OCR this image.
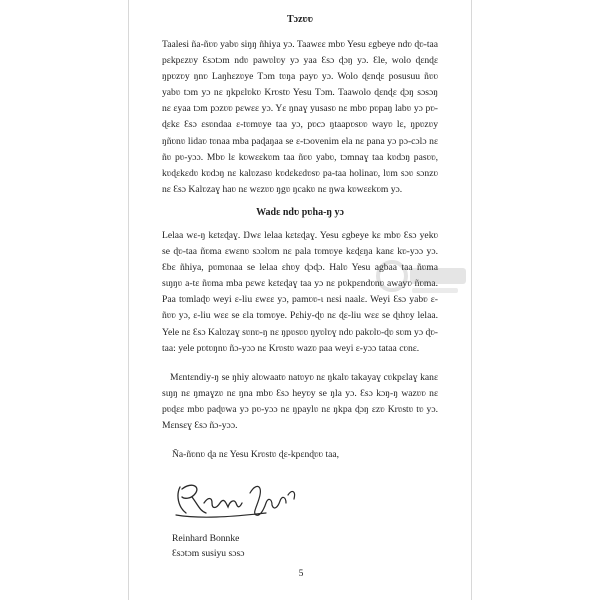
Tɔzʋʋ

Taalesi ña-ñʋʋ yabʋ siŋŋ ñhiya yɔ. Taawɛɛ mbʋ Yesu ɛgbeye ndʋ ɖʋ-taa pɛkpɛzʋy Ɛsɔtɔm ndʋ pawʋlʋy yɔ yaa Ɛsɔ ɖɔŋ yɔ. Ɛle, wolo ɖɛnɖɛ ŋpʋzʋy ŋnʋ Laŋhɛzʋye Tɔm tʋŋa payʋ yɔ. Wolo ɖɛnɖɛ posusuu ñʋʋ yabʋ tɔm yɔ nɛ ŋkpɛlʋkʋ Krʋstʋ Yesu Tɔm. Taawolo ɖɛnɖɛ ɖɔŋ sɔsɔŋ nɛ ɛyaa tɔm pɔzʋʋ pɛwɛɛ yɔ. Yɛ ŋnaɣ yusasʋ nɛ mbʋ pʋpaŋ labʋ yɔ pʋ-ɖɛkɛ Ɛsɔ ɛsʋndaa ɛ-tʋmʋye taa yɔ, pʋcɔ ŋtaapʋsʋʋ wayʋ lɛ, ŋpʋzʋy ŋñʋnʋ lidaʋ tʋnaa mba paɖaŋaa se ɛ-tɔovenim ela nɛ pana yɔ pɔ-cɔlɔ nɛ ñʋ pʋ-yɔɔ. Mbʋ lɛ kʋwɛɛkʋm taa ñʋʋ yabʋ, tɔmnaɣ taa kʋdɔŋ pasʋʋ, kʋɖɛkɛdʋ kʋdɔŋ nɛ kalʋzasʋ kʋdɛkɛdʋsʋ pa-taa holinaʋ, lʋm sɔʋ sɔnzʋ nɛ Ɛsɔ Kalʋzaɣ haʋ nɛ wɛzʋʋ ŋgʋ ŋcakʋ nɛ ŋwa kʋwɛɛkʋm yɔ.

Wadɛ ndʋ pʋha-ŋ yɔ

Lelaa wɛ-ŋ kɛtɛɖaɣ. Ŋwɛ lelaa kɛtɛɖaɣ. Yesu ɛgbeye kɛ mbʋ Ɛsɔ yekʋ se ɖʋ-taa ñʋma ɛwɛnʋ sɔɔlʋm nɛ pala tʋmʋye kɛɖɛŋa kanɛ kʋ-yɔɔ yɔ. Ɛbɛ ñhiya, pʋmʋnaa se lelaa ɛhʋy ɖɔɖɔ. Halʋ Yesu agbaa taa ñʋma sɩŋŋʋ a-tɛ ñʋma mba pɛwɛ kɛtɛɖaɣ taa yɔ nɛ pʋkpɛndʋnʋ awayʋ ñʋma. Paa tʋmlaɖʋ weyi ɛ-liu ɛwɛɛ yɔ, pamʋʋ-ɩ nɛsi naalɛ. Weyi Ɛsɔ yabʋ ɛ-ñʋʋ yɔ, ɛ-liu wɛɛ se ɛla tʋmʋye. Pɛhiy-ɖʋ nɛ ɖɛ-liu wɛɛ se ɖɩhʋy lelaa. Yele nɛ Ɛsɔ Kalʋzaɣ sʋnʋ-ŋ nɛ ŋpʋsʋʋ ŋyʋlʋɣ ndʋ pakʋlʋ-ɖʋ sʋm yɔ ɖʋ-taa: yele pʋtʋŋnʋ ñɔ-yɔɔ nɛ Krʋstʋ wazʋ paa weyi ɛ-yɔɔ tataa cʋnɛ.

Mɛntɛndiy-ŋ se ŋhiy alʋwaatʋ natʋyʋ nɛ ŋkalʋ takayaɣ cʋkpɛlaɣ kanɛ sɩŋŋ nɛ ŋmaɣzʋ nɛ ŋna mbʋ Ɛsɔ heyʋy se ŋla yɔ. Ɛsɔ kɔŋ-ŋ wazʋʋ nɛ pʋɖɛɛ mbʋ paɖʋwa yɔ pʋ-yɔɔ nɛ ŋpaylʋ nɛ ŋkpa ɖɔŋ ɛzʋ Krʋstʋ tʋ yɔ. Mɛnsɛɣ Ɛsɔ ñɔ-yɔɔ.

Ña-ñʋnʋ ɖa nɛ Yesu Krʋstʋ ɖɛ-kpɛnɖʋʋ taa,

Reinhard Bonnke

Ɛsɔtɔm susiyu sɔsɔ

5
